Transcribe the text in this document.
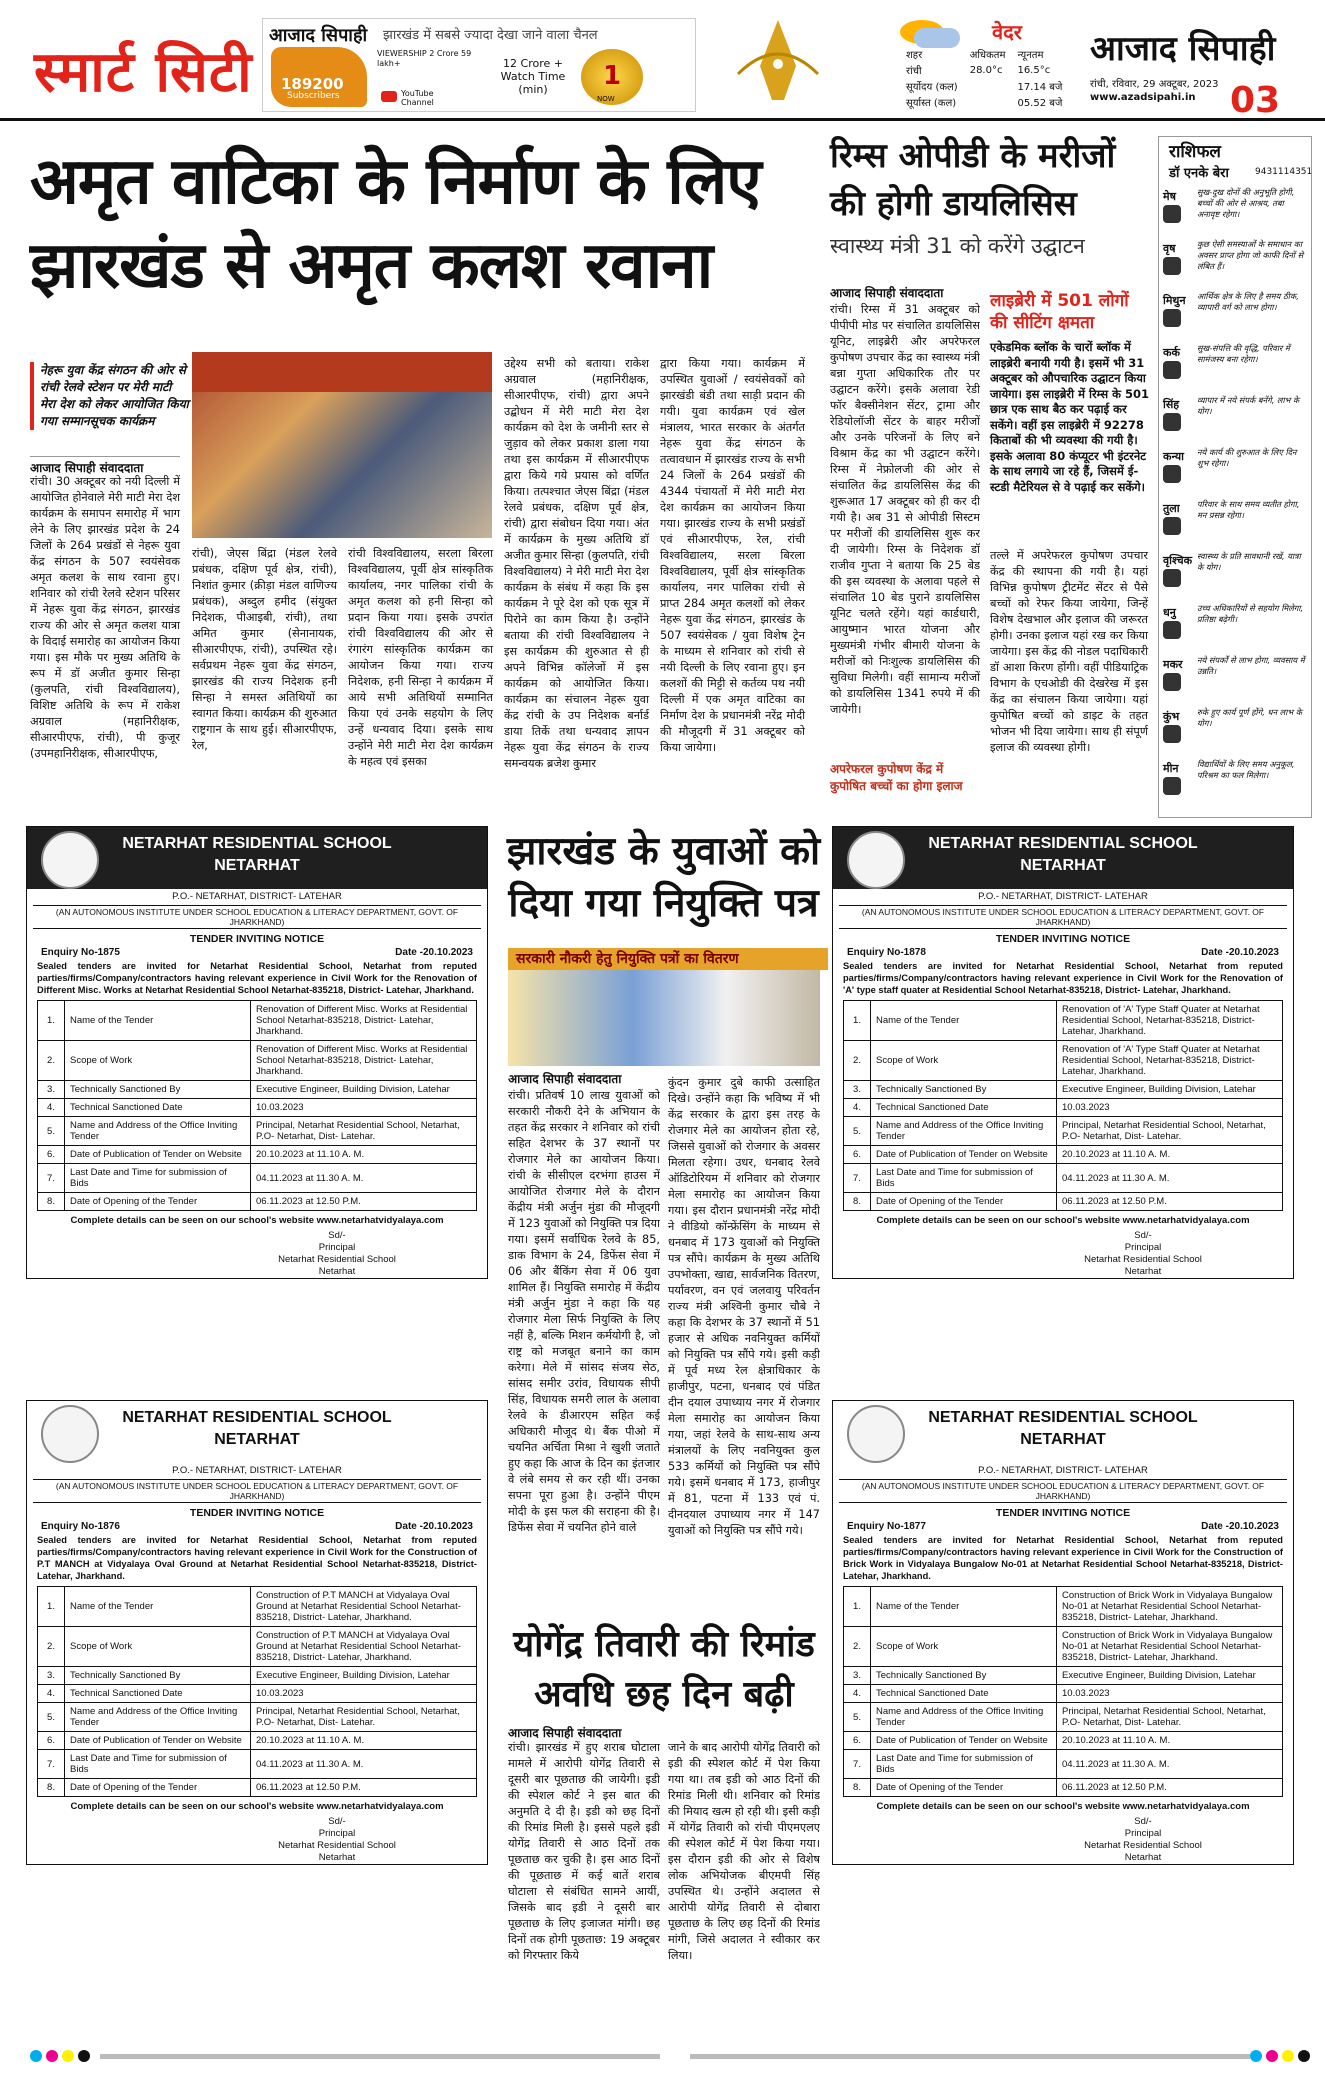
स्मार्ट सिटी
आजाद सिपाही झारखंड में सबसे ज्यादा देखा जाने वाला चैनल
189200
Subscribers
VIEWERSHIP 2 Crore 59 lakh+
YouTube Channel
12 Crore + Watch Time (min)	1
NOW
वेदर
शहर	अधिकतम	न्यूनतम
रांची	28.0°c	16.5°c
सूर्योदय (कल)		17.14 बजे
सूर्यास्त (कल)		05.52 बजे
आजाद सिपाही
रांची, रविवार, 29 अक्टूबर, 2023
www.azadsipahi.in 03
अमृत वाटिका के निर्माण के लिए झारखंड से अमृत कलश रवाना
नेहरू युवा केंद्र संगठन की ओर से रांची रेलवे स्टेशन पर मेरी माटी मेरा देश को लेकर आयोजित किया गया सम्मानसूचक कार्यक्रम
आजाद सिपाही संवाददाता
रांची। 30 अक्टूबर को नयी दिल्ली में आयोजित होनेवाले मेरी माटी मेरा देश कार्यक्रम के समापन समारोह में भाग लेने के लिए झारखंड प्रदेश के 24 जिलों के 264 प्रखंडों से नेहरू युवा केंद्र संगठन के 507 स्वयंसेवक अमृत कलश के साथ रवाना हुए। शनिवार को रांची रेलवे स्टेशन परिसर में नेहरू युवा केंद्र संगठन, झारखंड राज्य की ओर से अमृत कलश यात्रा के विदाई समारोह का आयोजन किया गया। इस मौके पर मुख्य अतिथि के रूप में डॉ अजीत कुमार सिन्हा (कुलपति, रांची विश्वविद्यालय), विशिष्ट अतिथि के रूप में राकेश अग्रवाल (महानिरीक्षक, सीआरपीएफ, रांची), पी कुजूर (उपमहानिरीक्षक, सीआरपीएफ,
रांची), जेएस बिंद्रा (मंडल रेलवे प्रबंधक, दक्षिण पूर्व क्षेत्र, रांची), निशांत कुमार (क्रीड़ा मंडल वाणिज्य प्रबंधक), अब्दुल हमीद (संयुक्त निदेशक, पीआइबी, रांची), तथा अमित कुमार (सेनानायक, सीआरपीएफ, रांची), उपस्थित रहे। सर्वप्रथम नेहरू युवा केंद्र संगठन, झारखंड की राज्य निदेशक हनी सिन्हा ने समस्त अतिथियों का स्वागत किया। कार्यक्रम की शुरुआत राष्ट्रगान के साथ हुई। सीआरपीएफ, रेल,
रांची विश्वविद्यालय, सरला बिरला विश्वविद्यालय, पूर्वी क्षेत्र सांस्कृतिक कार्यालय, नगर पालिका रांची के अमृत कलश को हनी सिन्हा को प्रदान किया गया। इसके उपरांत रांची विश्वविद्यालय की ओर से रंगारंग सांस्कृतिक कार्यक्रम का आयोजन किया गया। राज्य निदेशक, हनी सिन्हा ने कार्यक्रम में आये सभी अतिथियों सम्मानित किया एवं उनके सहयोग के लिए उन्हें धन्यवाद दिया। इसके साथ उन्होंने मेरी माटी मेरा देश कार्यक्रम के महत्व एवं इसका
उद्देश्य सभी को बताया। राकेश अग्रवाल (महानिरीक्षक, सीआरपीएफ, रांची) द्वारा अपने उद्बोधन में मेरी माटी मेरा देश कार्यक्रम को देश के जमीनी स्तर से जुड़ाव को लेकर प्रकाश डाला गया तथा इस कार्यक्रम में सीआरपीएफ द्वारा किये गये प्रयास को वर्णित किया। तत्पश्चात जेएस बिंद्रा (मंडल रेलवे प्रबंधक, दक्षिण पूर्व क्षेत्र, रांची) द्वारा संबोधन दिया गया। अंत में कार्यक्रम के मुख्य अतिथि डॉ अजीत कुमार सिन्हा (कुलपति, रांची विश्वविद्यालय) ने मेरी माटी मेरा देश कार्यक्रम के संबंध में कहा कि इस कार्यक्रम ने पूरे देश को एक सूत्र में पिरोने का काम किया है। उन्होंने बताया की रांची विश्वविद्यालय ने इस कार्यक्रम की शुरुआत से ही अपने विभिन्न कॉलेजों में इस कार्यक्रम को आयोजित किया। कार्यक्रम का संचालन नेहरू युवा केंद्र रांची के उप निदेशक बर्नार्ड डाया तिर्के तथा धन्यवाद ज्ञापन नेहरू युवा केंद्र संगठन के राज्य समन्वयक ब्रजेश कुमार
द्वारा किया गया। कार्यक्रम में उपस्थित युवाओं / स्वयंसेवकों को झारखंडी बंडी तथा साड़ी प्रदान की गयी। युवा कार्यक्रम एवं खेल मंत्रालय, भारत सरकार के अंतर्गत नेहरू युवा केंद्र संगठन के तत्वावधान में झारखंड राज्य के सभी 24 जिलों के 264 प्रखंडों की 4344 पंचायतों में मेरी माटी मेरा देश कार्यक्रम का आयोजन किया गया। झारखंड राज्य के सभी प्रखंडों एवं सीआरपीएफ, रेल, रांची विश्वविद्यालय, सरला बिरला विश्वविद्यालय, पूर्वी क्षेत्र सांस्कृतिक कार्यालय, नगर पालिका रांची से प्राप्त 284 अमृत कलशों को लेकर नेहरू युवा केंद्र संगठन, झारखंड के 507 स्वयंसेवक / युवा विशेष ट्रेन के माध्यम से शनिवार को रांची से नयी दिल्ली के लिए रवाना हुए। इन कलशों की मिट्टी से कर्तव्य पथ नयी दिल्ली में एक अमृत वाटिका का निर्माण देश के प्रधानमंत्री नरेंद्र मोदी की मौजूदगी में 31 अक्टूबर को किया जायेगा।
रिम्स ओपीडी के मरीजों की होगी डायलिसिस
स्वास्थ्य मंत्री 31 को करेंगे उद्घाटन
आजाद सिपाही संवाददाता
रांची। रिम्स में 31 अक्टूबर को पीपीपी मोड पर संचालित डायलिसिस यूनिट, लाइब्रेरी और अपरेफरल कुपोषण उपचार केंद्र का स्वास्थ्य मंत्री बन्ना गुप्ता अधिकारिक तौर पर उद्घाटन करेंगे। इसके अलावा रेडी फॉर बैक्सीनेशन सेंटर, ट्रामा और रेडियोलॉजी सेंटर के बाहर मरीजों और उनके परिजनों के लिए बने विश्राम केंद्र का भी उद्घाटन करेंगे। रिम्स में नेफ्रोलजी की ओर से संचालित केंद्र डायलिसिस केंद्र की शुरूआत 17 अक्टूबर को ही कर दी गयी है। अब 31 से ओपीडी सिस्टम पर मरीजों की डायलिसिस शुरू कर दी जायेगी। रिम्स के निदेशक डॉ राजीव गुप्ता ने बताया कि 25 बेड की इस व्यवस्था के अलावा पहले से संचालित 10 बेड पुराने डायलिसिस यूनिट चलते रहेंगे। यहां कार्डधारी, आयुष्मान भारत योजना और मुख्यमंत्री गंभीर बीमारी योजना के मरीजों को निःशुल्क डायलिसिस की सुविधा मिलेगी। वहीं सामान्य मरीजों को डायलिसिस 1341 रुपये में की जायेगी।
लाइब्रेरी में 501 लोगों की सीटिंग क्षमता
एकेडमिक ब्लॉक के चारों ब्लॉक में लाइब्रेरी बनायी गयी है। इसमें भी 31 अक्टूबर को औपचारिक उद्घाटन किया जायेगा। इस लाइब्रेरी में रिम्स के 501 छात्र एक साथ बैठ कर पढ़ाई कर सकेंगे। वहीं इस लाइब्रेरी में 92278 किताबों की भी व्यवस्था की गयी है। इसके अलावा 80 कंप्यूटर भी इंटरनेट के साथ लगाये जा रहे हैं, जिसमें ई-स्टडी मैटेरियल से वे पढ़ाई कर सकेंगे।
तल्ले में अपरेफरल कुपोषण उपचार केंद्र की स्थापना की गयी है। यहां विभिन्न कुपोषण ट्रीटमेंट सेंटर से पैसे बच्चों को रेफर किया जायेगा, जिन्हें विशेष देखभाल और इलाज की जरूरत होगी। उनका इलाज यहां रख कर किया जायेगा। इस केंद्र की नोडल पदाधिकारी डॉ आशा किरण होंगी। वहीं पीडियाट्रिक विभाग के एचओडी की देखरेख में इस केंद्र का संचालन किया जायेगा। यहां कुपोषित बच्चों को डाइट के तहत भोजन भी दिया जायेगा। साथ ही संपूर्ण इलाज की व्यवस्था होगी।
अपरेफरल कुपोषण केंद्र में कुपोषित बच्चों का होगा इलाज
राशिफल
डॉ एनके बेरा	9431114351
मेष	सुख-दुख दोनों की अनुभूति होगी, बच्चों की ओर से आश्रय, तबा अनावृष्ट रहेगा।
वृष	कुछ ऐसी समस्याओं के समाधान का अवसर प्राप्त होगा जो काफी दिनों से लंबित हैं।
मिथुन आर्थिक क्षेत्र के लिए है समय ठीक, व्यापारी वर्ग को लाभ होगा।
कर्क सुख-संपत्ति की वृद्धि, परिवार में सामंजस्य बना रहेगा।
सिंह व्यापार में नये संपर्क बनेंगे, लाभ के योग।
कन्या नये कार्य की शुरुआत के लिए दिन शुभ रहेगा।
तुला परिवार के साथ समय व्यतीत होगा, मन प्रसन्न रहेगा।
वृश्चिक स्वास्थ्य के प्रति सावधानी रखें, यात्रा के योग।
धनु	उच्च अधिकारियों से सहयोग मिलेगा, प्रतिष्ठा बढ़ेगी।
मकर नये संपर्कों से लाभ होगा, व्यवसाय में उन्नति।
कुंभ रुके हुए कार्य पूर्ण होंगे, धन लाभ के योग।
मीन विद्यार्थियों के लिए समय अनुकूल, परिश्रम का फल मिलेगा।
NETARHAT RESIDENTIAL SCHOOL
NETARHAT
P.O.- NETARHAT, DISTRICT- LATEHAR
(AN AUTONOMOUS INSTITUTE UNDER SCHOOL EDUCATION & LITERACY DEPARTMENT, GOVT. OF JHARKHAND)
TENDER INVITING NOTICE
Enquiry No-1875	Date -20.10.2023
Sealed tenders are invited for Netarhat Residential School, Netarhat from reputed parties/firms/Company/contractors having relevant experience in Civil Work for the Renovation of Different Misc. Works at Netarhat Residential School Netarhat-835218, District- Latehar, Jharkhand.
1.	Name of the Tender	Renovation of Different Misc. Works at Residential School Netarhat-835218, District- Latehar, Jharkhand.
2.	Scope of Work	Renovation of Different Misc. Works at Residential School Netarhat-835218, District- Latehar, Jharkhand.
3.	Technically Sanctioned By	Executive Engineer, Building Division, Latehar
4.	Technical Sanctioned Date	10.03.2023
5.	Name and Address of the Office Inviting Tender	Principal, Netarhat Residential School, Netarhat, P.O- Netarhat, Dist- Latehar.
6.	Date of Publication of Tender on Website	20.10.2023 at 11.10 A. M.
7.	Last Date and Time for submission of Bids	04.11.2023 at 11.30 A. M.
8.	Date of Opening of the Tender	06.11.2023 at 12.50 P.M.
Complete details can be seen on our school's website www.netarhatvidyalaya.com
Sd/-
Principal
Netarhat Residential School
Netarhat
NETARHAT RESIDENTIAL SCHOOL
NETARHAT
P.O.- NETARHAT, DISTRICT- LATEHAR
(AN AUTONOMOUS INSTITUTE UNDER SCHOOL EDUCATION & LITERACY DEPARTMENT, GOVT. OF JHARKHAND)
TENDER INVITING NOTICE
Enquiry No-1878	Date -20.10.2023
Sealed tenders are invited for Netarhat Residential School, Netarhat from reputed parties/firms/Company/contractors having relevant experience in Civil Work for the Renovation of 'A' type staff quater at Residential School Netarhat-835218, District- Latehar, Jharkhand.
1.	Name of the Tender	Renovation of 'A' Type Staff Quater at Netarhat Residential School, Netarhat-835218, District- Latehar, Jharkhand.
2.	Scope of Work	Renovation of 'A' Type Staff Quater at Netarhat Residential School, Netarhat-835218, District- Latehar, Jharkhand.
3.	Technically Sanctioned By	Executive Engineer, Building Division, Latehar
4.	Technical Sanctioned Date	10.03.2023
5.	Name and Address of the Office Inviting Tender	Principal, Netarhat Residential School, Netarhat, P.O- Netarhat, Dist- Latehar.
6.	Date of Publication of Tender on Website	20.10.2023 at 11.10 A. M.
7.	Last Date and Time for submission of Bids	04.11.2023 at 11.30 A. M.
8.	Date of Opening of the Tender	06.11.2023 at 12.50 P.M.
Complete details can be seen on our school's website www.netarhatvidyalaya.com
Sd/-
Principal
Netarhat Residential School
Netarhat
NETARHAT RESIDENTIAL SCHOOL
NETARHAT
P.O.- NETARHAT, DISTRICT- LATEHAR
(AN AUTONOMOUS INSTITUTE UNDER SCHOOL EDUCATION & LITERACY DEPARTMENT, GOVT. OF JHARKHAND)
TENDER INVITING NOTICE
Enquiry No-1876	Date -20.10.2023
Sealed tenders are invited for Netarhat Residential School, Netarhat from reputed parties/firms/Company/contractors having relevant experience in Civil Work for the Construction of P.T MANCH at Vidyalaya Oval Ground at Netarhat Residential School Netarhat-835218, District- Latehar, Jharkhand.
1.	Name of the Tender	Construction of P.T MANCH at Vidyalaya Oval Ground at Netarhat Residential School Netarhat-835218, District- Latehar, Jharkhand.
2.	Scope of Work	Construction of P.T MANCH at Vidyalaya Oval Ground at Netarhat Residential School Netarhat-835218, District- Latehar, Jharkhand.
3.	Technically Sanctioned By	Executive Engineer, Building Division, Latehar
4.	Technical Sanctioned Date	10.03.2023
5.	Name and Address of the Office Inviting Tender	Principal, Netarhat Residential School, Netarhat, P.O- Netarhat, Dist- Latehar.
6.	Date of Publication of Tender on Website	20.10.2023 at 11.10 A. M.
7.	Last Date and Time for submission of Bids	04.11.2023 at 11.30 A. M.
8.	Date of Opening of the Tender	06.11.2023 at 12.50 P.M.
Complete details can be seen on our school's website www.netarhatvidyalaya.com
Sd/-
Principal
Netarhat Residential School
Netarhat
NETARHAT RESIDENTIAL SCHOOL
NETARHAT
P.O.- NETARHAT, DISTRICT- LATEHAR
(AN AUTONOMOUS INSTITUTE UNDER SCHOOL EDUCATION & LITERACY DEPARTMENT, GOVT. OF JHARKHAND)
TENDER INVITING NOTICE
Enquiry No-1877	Date -20.10.2023
Sealed tenders are invited for Netarhat Residential School, Netarhat from reputed parties/firms/Company/contractors having relevant experience in Civil Work for the Construction of Brick Work in Vidyalaya Bungalow No-01 at Netarhat Residential School Netarhat-835218, District- Latehar, Jharkhand.
1.	Name of the Tender	Construction of Brick Work in Vidyalaya Bungalow No-01 at Netarhat Residential School Netarhat-835218, District- Latehar, Jharkhand.
2.	Scope of Work	Construction of Brick Work in Vidyalaya Bungalow No-01 at Netarhat Residential School Netarhat-835218, District- Latehar, Jharkhand.
3.	Technically Sanctioned By	Executive Engineer, Building Division, Latehar
4.	Technical Sanctioned Date	10.03.2023
5.	Name and Address of the Office Inviting Tender	Principal, Netarhat Residential School, Netarhat, P.O- Netarhat, Dist- Latehar.
6.	Date of Publication of Tender on Website	20.10.2023 at 11.10 A. M.
7.	Last Date and Time for submission of Bids	04.11.2023 at 11.30 A. M.
8.	Date of Opening of the Tender	06.11.2023 at 12.50 P.M.
Complete details can be seen on our school's website www.netarhatvidyalaya.com
Sd/-
Principal
Netarhat Residential School
Netarhat
झारखंड के युवाओं को दिया गया नियुक्ति पत्र
सरकारी नौकरी हेतु नियुक्ति पत्रों का वितरण
आजाद सिपाही संवाददाता
रांची। प्रतिवर्ष 10 लाख युवाओं को सरकारी नौकरी देने के अभियान के तहत केंद्र सरकार ने शनिवार को रांची सहित देशभर के 37 स्थानों पर रोजगार मेले का आयोजन किया। रांची के सीसीएल दरभंगा हाउस में आयोजित रोजगार मेले के दौरान केंद्रीय मंत्री अर्जुन मुंडा की मौजूदगी में 123 युवाओं को नियुक्ति पत्र दिया गया। इसमें सर्वाधिक रेलवे के 85, डाक विभाग के 24, डिफेंस सेवा में 06 और बैंकिंग सेवा में 06 युवा शामिल हैं। नियुक्ति समारोह में केंद्रीय मंत्री अर्जुन मुंडा ने कहा कि यह रोजगार मेला सिर्फ नियुक्ति के लिए नहीं है, बल्कि मिशन कर्मयोगी है, जो राष्ट्र को मजबूत बनाने का काम करेगा। मेले में सांसद संजय सेठ, सांसद समीर उरांव, विधायक सीपी सिंह, विधायक समरी लाल के अलावा रेलवे के डीआरएम सहित कई अधिकारी मौजूद थे। बैंक पीओ में चयनित अर्चिता मिश्रा ने खुशी जताते हुए कहा कि आज के दिन का इंतजार वे लंबे समय से कर रही थीं। उनका सपना पूरा हुआ है। उन्होंने पीएम मोदी के इस फल की सराहना की है। डिफेंस सेवा में चयनित होने वाले
कुंदन कुमार दुबे काफी उत्साहित दिखे। उन्होंने कहा कि भविष्य में भी केंद्र सरकार के द्वारा इस तरह के रोजगार मेले का आयोजन होता रहे, जिससे युवाओं को रोजगार के अवसर मिलता रहेगा। उधर, धनबाद रेलवे ऑडिटोरियम में शनिवार को रोजगार मेला समारोह का आयोजन किया गया। इस दौरान प्रधानमंत्री नरेंद्र मोदी ने वीडियो कॉन्फ्रेंसिंग के माध्यम से धनबाद में 173 युवाओं को नियुक्ति पत्र सौंपे। कार्यक्रम के मुख्य अतिथि उपभोक्ता, खाद्य, सार्वजनिक वितरण, पर्यावरण, वन एवं जलवायु परिवर्तन राज्य मंत्री अश्विनी कुमार चौबे ने कहा कि देशभर के 37 स्थानों में 51 हजार से अधिक नवनियुक्त कर्मियों को नियुक्ति पत्र सौंपे गये। इसी कड़ी में पूर्व मध्य रेल क्षेत्राधिकार के हाजीपुर, पटना, धनबाद एवं पंडित दीन दयाल उपाध्याय नगर में रोजगार मेला समारोह का आयोजन किया गया, जहां रेलवे के साथ-साथ अन्य मंत्रालयों के लिए नवनियुक्त कुल 533 कर्मियों को नियुक्ति पत्र सौंपे गये। इसमें धनबाद में 173, हाजीपुर में 81, पटना में 133 एवं पं. दीनदयाल उपाध्याय नगर में 147 युवाओं को नियुक्ति पत्र सौंपे गये।
योगेंद्र तिवारी की रिमांड अवधि छह दिन बढ़ी
आजाद सिपाही संवाददाता
रांची। झारखंड में हुए शराब घोटाला मामले में आरोपी योगेंद्र तिवारी से दूसरी बार पूछताछ की जायेगी। इडी की स्पेशल कोर्ट ने इस बात की अनुमति दे दी है। इडी को छह दिनों की रिमांड मिली है। इससे पहले इडी योगेंद्र तिवारी से आठ दिनों तक पूछताछ कर चुकी है। इस आठ दिनों की पूछताछ में कई बातें शराब घोटाला से संबंधित सामने आयीं, जिसके बाद इडी ने दूसरी बार पूछताछ के लिए इजाजत मांगी। छह दिनों तक होगी पूछताछ: 19 अक्टूबर को गिरफ्तार किये
जाने के बाद आरोपी योगेंद्र तिवारी को इडी की स्पेशल कोर्ट में पेश किया गया था। तब इडी को आठ दिनों की रिमांड मिली थी। शनिवार को रिमांड की मियाद खत्म हो रही थी। इसी कड़ी में योगेंद्र तिवारी को रांची पीएमएलए की स्पेशल कोर्ट में पेश किया गया। इस दौरान इडी की ओर से विशेष लोक अभियोजक बीएमपी सिंह उपस्थित थे। उन्होंने अदालत से आरोपी योगेंद्र तिवारी से दोबारा पूछताछ के लिए छह दिनों की रिमांड मांगी, जिसे अदालत ने स्वीकार कर लिया।
